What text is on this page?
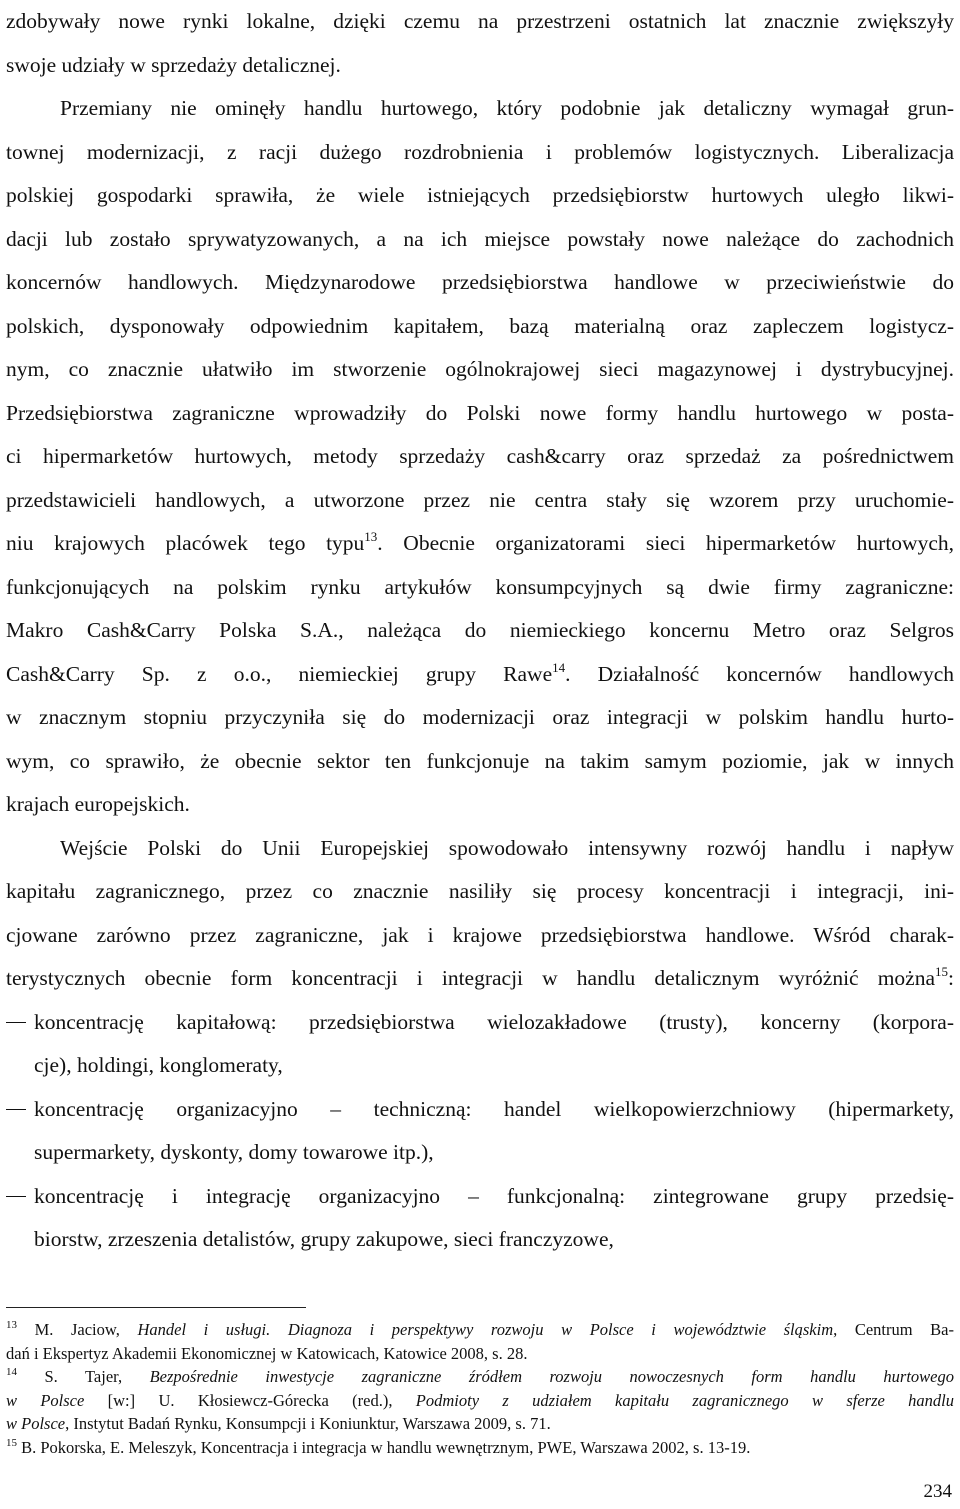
zdobywały nowe rynki lokalne, dzięki czemu na przestrzeni ostatnich lat znacznie zwiększyły
swoje udziały w sprzedaży detalicznej.

Przemiany nie ominęły handlu hurtowego, który podobnie jak detaliczny wymagał grun-
townej modernizacji, z racji dużego rozdrobnienia i problemów logistycznych. Liberalizacja
polskiej gospodarki sprawiła, że wiele istniejących przedsiębiorstw hurtowych uległo likwi-
dacji lub zostało sprywatyzowanych, a na ich miejsce powstały nowe należące do zachodnich
koncernów handlowych. Międzynarodowe przedsiębiorstwa handlowe w przeciwieństwie do
polskich, dysponowały odpowiednim kapitałem, bazą materialną oraz zapleczem logistycz-
nym, co znacznie ułatwiło im stworzenie ogólnokrajowej sieci magazynowej i dystrybucyjnej.
Przedsiębiorstwa zagraniczne wprowadziły do Polski nowe formy handlu hurtowego w posta-
ci hipermarketów hurtowych, metody sprzedaży cash&carry oraz sprzedaż za pośrednictwem
przedstawicieli handlowych, a utworzone przez nie centra stały się wzorem przy uruchomie-
niu krajowych placówek tego typu$^{13}$. Obecnie organizatorami sieci hipermarketów hurtowych,
funkcjonujących na polskim rynku artykułów konsumpcyjnych są dwie firmy zagraniczne:
Makro Cash&Carry Polska S.A., należąca do niemieckiego koncernu Metro oraz Selgros
Cash&Carry Sp. z o.o., niemieckiej grupy Rawe$^{14}$. Działalność koncernów handlowych
w znacznym stopniu przyczyniła się do modernizacji oraz integracji w polskim handlu hurto-
wym, co sprawiło, że obecnie sektor ten funkcjonuje na takim samym poziomie, jak w innych
krajach europejskich.

Wejście Polski do Unii Europejskiej spowodowało intensywny rozwój handlu i napływ
kapitału zagranicznego, przez co znacznie nasiliły się procesy koncentracji i integracji, ini-
cjowane zarówno przez zagraniczne, jak i krajowe przedsiębiorstwa handlowe. Wśród charak-
terystycznych obecnie form koncentracji i integracji w handlu detalicznym wyróżnić można$^{15}$:

koncentrację kapitałową: przedsiębiorstwa wielozakładowe (trusty), koncerny (korpora-
cje), holdingi, konglomeraty,
koncentrację organizacyjno – techniczną: handel wielkopowierzchniowy (hipermarkety,
supermarkety, dyskonty, domy towarowe itp.),
koncentrację i integrację organizacyjno – funkcjonalną: zintegrowane grupy przedsię-
biorstw, zrzeszenia detalistów, grupy zakupowe, sieci franczyzowe,
$^{13}$ M. Jaciow, Handel i usługi. Diagnoza i perspektywy rozwoju w Polsce i województwie śląskim, Centrum Ba-
dań i Ekspertyz Akademii Ekonomicznej w Katowicach, Katowice 2008, s. 28.
$^{14}$ S. Tajer, Bezpośrednie inwestycje zagraniczne źródłem rozwoju nowoczesnych form handlu hurtowego
w Polsce [w:] U. Kłosiewcz-Górecka (red.), Podmioty z udziałem kapitału zagranicznego w sferze handlu
w Polsce, Instytut Badań Rynku, Konsumpcji i Koniunktur, Warszawa 2009, s. 71.
$^{15}$ B. Pokorska, E. Meleszyk, Koncentracja i integracja w handlu wewnętrznym, PWE, Warszawa 2002, s. 13-19.
234
